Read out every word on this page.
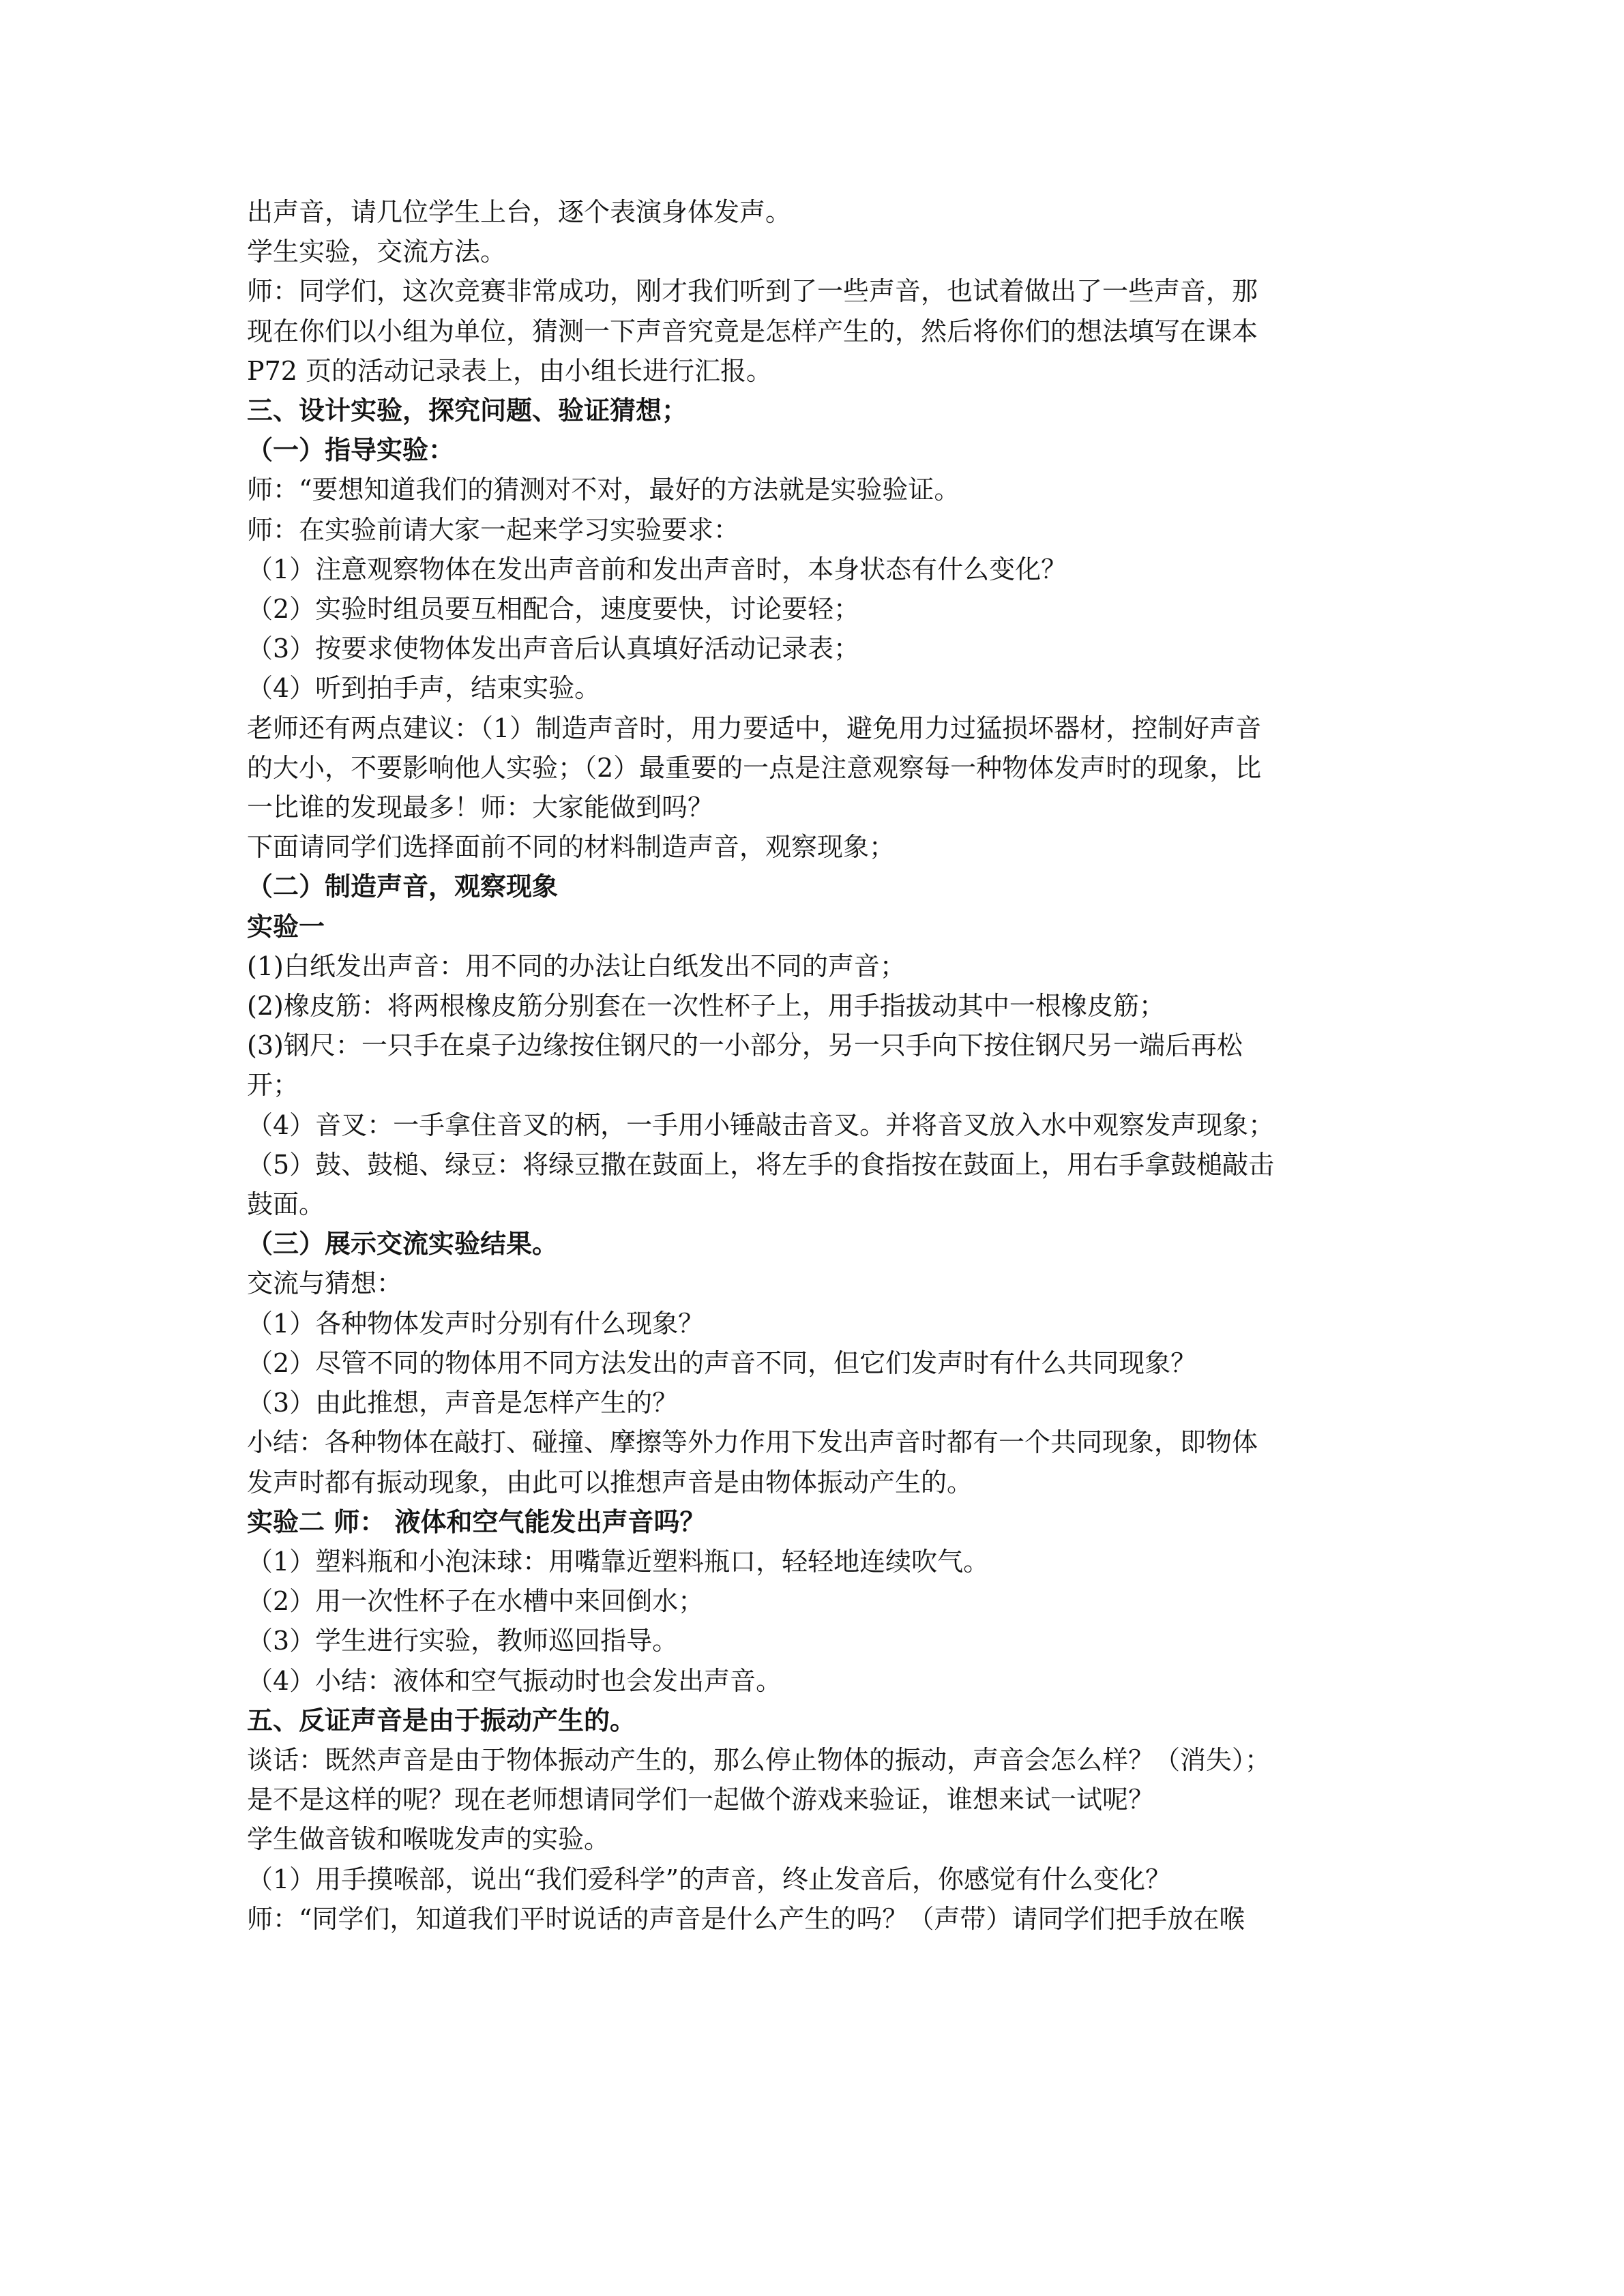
出声音，请几位学生上台，逐个表演身体发声。
学生实验，交流方法。
师：同学们，这次竞赛非常成功，刚才我们听到了一些声音，也试着做出了一些声音，那
现在你们以小组为单位，猜测一下声音究竟是怎样产生的，然后将你们的想法填写在课本
P72 页的活动记录表上，由小组长进行汇报。
三、设计实验，探究问题、验证猜想；
（一）指导实验：
师：“要想知道我们的猜测对不对，最好的方法就是实验验证。
师：在实验前请大家一起来学习实验要求：
（1）注意观察物体在发出声音前和发出声音时，本身状态有什么变化？
（2）实验时组员要互相配合，速度要快，讨论要轻；
（3）按要求使物体发出声音后认真填好活动记录表；
（4）听到拍手声，结束实验。
老师还有两点建议：（1）制造声音时，用力要适中，避免用力过猛损坏器材，控制好声音
的大小，不要影响他人实验；（2）最重要的一点是注意观察每一种物体发声时的现象，比
一比谁的发现最多！师：大家能做到吗？
下面请同学们选择面前不同的材料制造声音，观察现象；
（二）制造声音，观察现象
实验一
(1)白纸发出声音：用不同的办法让白纸发出不同的声音；
(2)橡皮筋：将两根橡皮筋分别套在一次性杯子上，用手指拔动其中一根橡皮筋；
(3)钢尺：一只手在桌子边缘按住钢尺的一小部分，另一只手向下按住钢尺另一端后再松
开；
（4）音叉：一手拿住音叉的柄，一手用小锤敲击音叉。并将音叉放入水中观察发声现象；
（5）鼓、鼓槌、绿豆：将绿豆撒在鼓面上，将左手的食指按在鼓面上，用右手拿鼓槌敲击
鼓面。
（三）展示交流实验结果。
交流与猜想：
（1）各种物体发声时分别有什么现象？
（2）尽管不同的物体用不同方法发出的声音不同，但它们发声时有什么共同现象？
（3）由此推想，声音是怎样产生的？
小结：各种物体在敲打、碰撞、摩擦等外力作用下发出声音时都有一个共同现象，即物体
发声时都有振动现象，由此可以推想声音是由物体振动产生的。
实验二 师： 液体和空气能发出声音吗？
（1）塑料瓶和小泡沫球：用嘴靠近塑料瓶口，轻轻地连续吹气。
（2）用一次性杯子在水槽中来回倒水；
（3）学生进行实验，教师巡回指导。
（4）小结：液体和空气振动时也会发出声音。
五、反证声音是由于振动产生的。
谈话：既然声音是由于物体振动产生的，那么停止物体的振动，声音会怎么样？（消失）；
是不是这样的呢？现在老师想请同学们一起做个游戏来验证，谁想来试一试呢？
学生做音钹和喉咙发声的实验。
（1）用手摸喉部，说出“我们爱科学”的声音，终止发音后，你感觉有什么变化？
师：“同学们，知道我们平时说话的声音是什么产生的吗？（声带）请同学们把手放在喉
